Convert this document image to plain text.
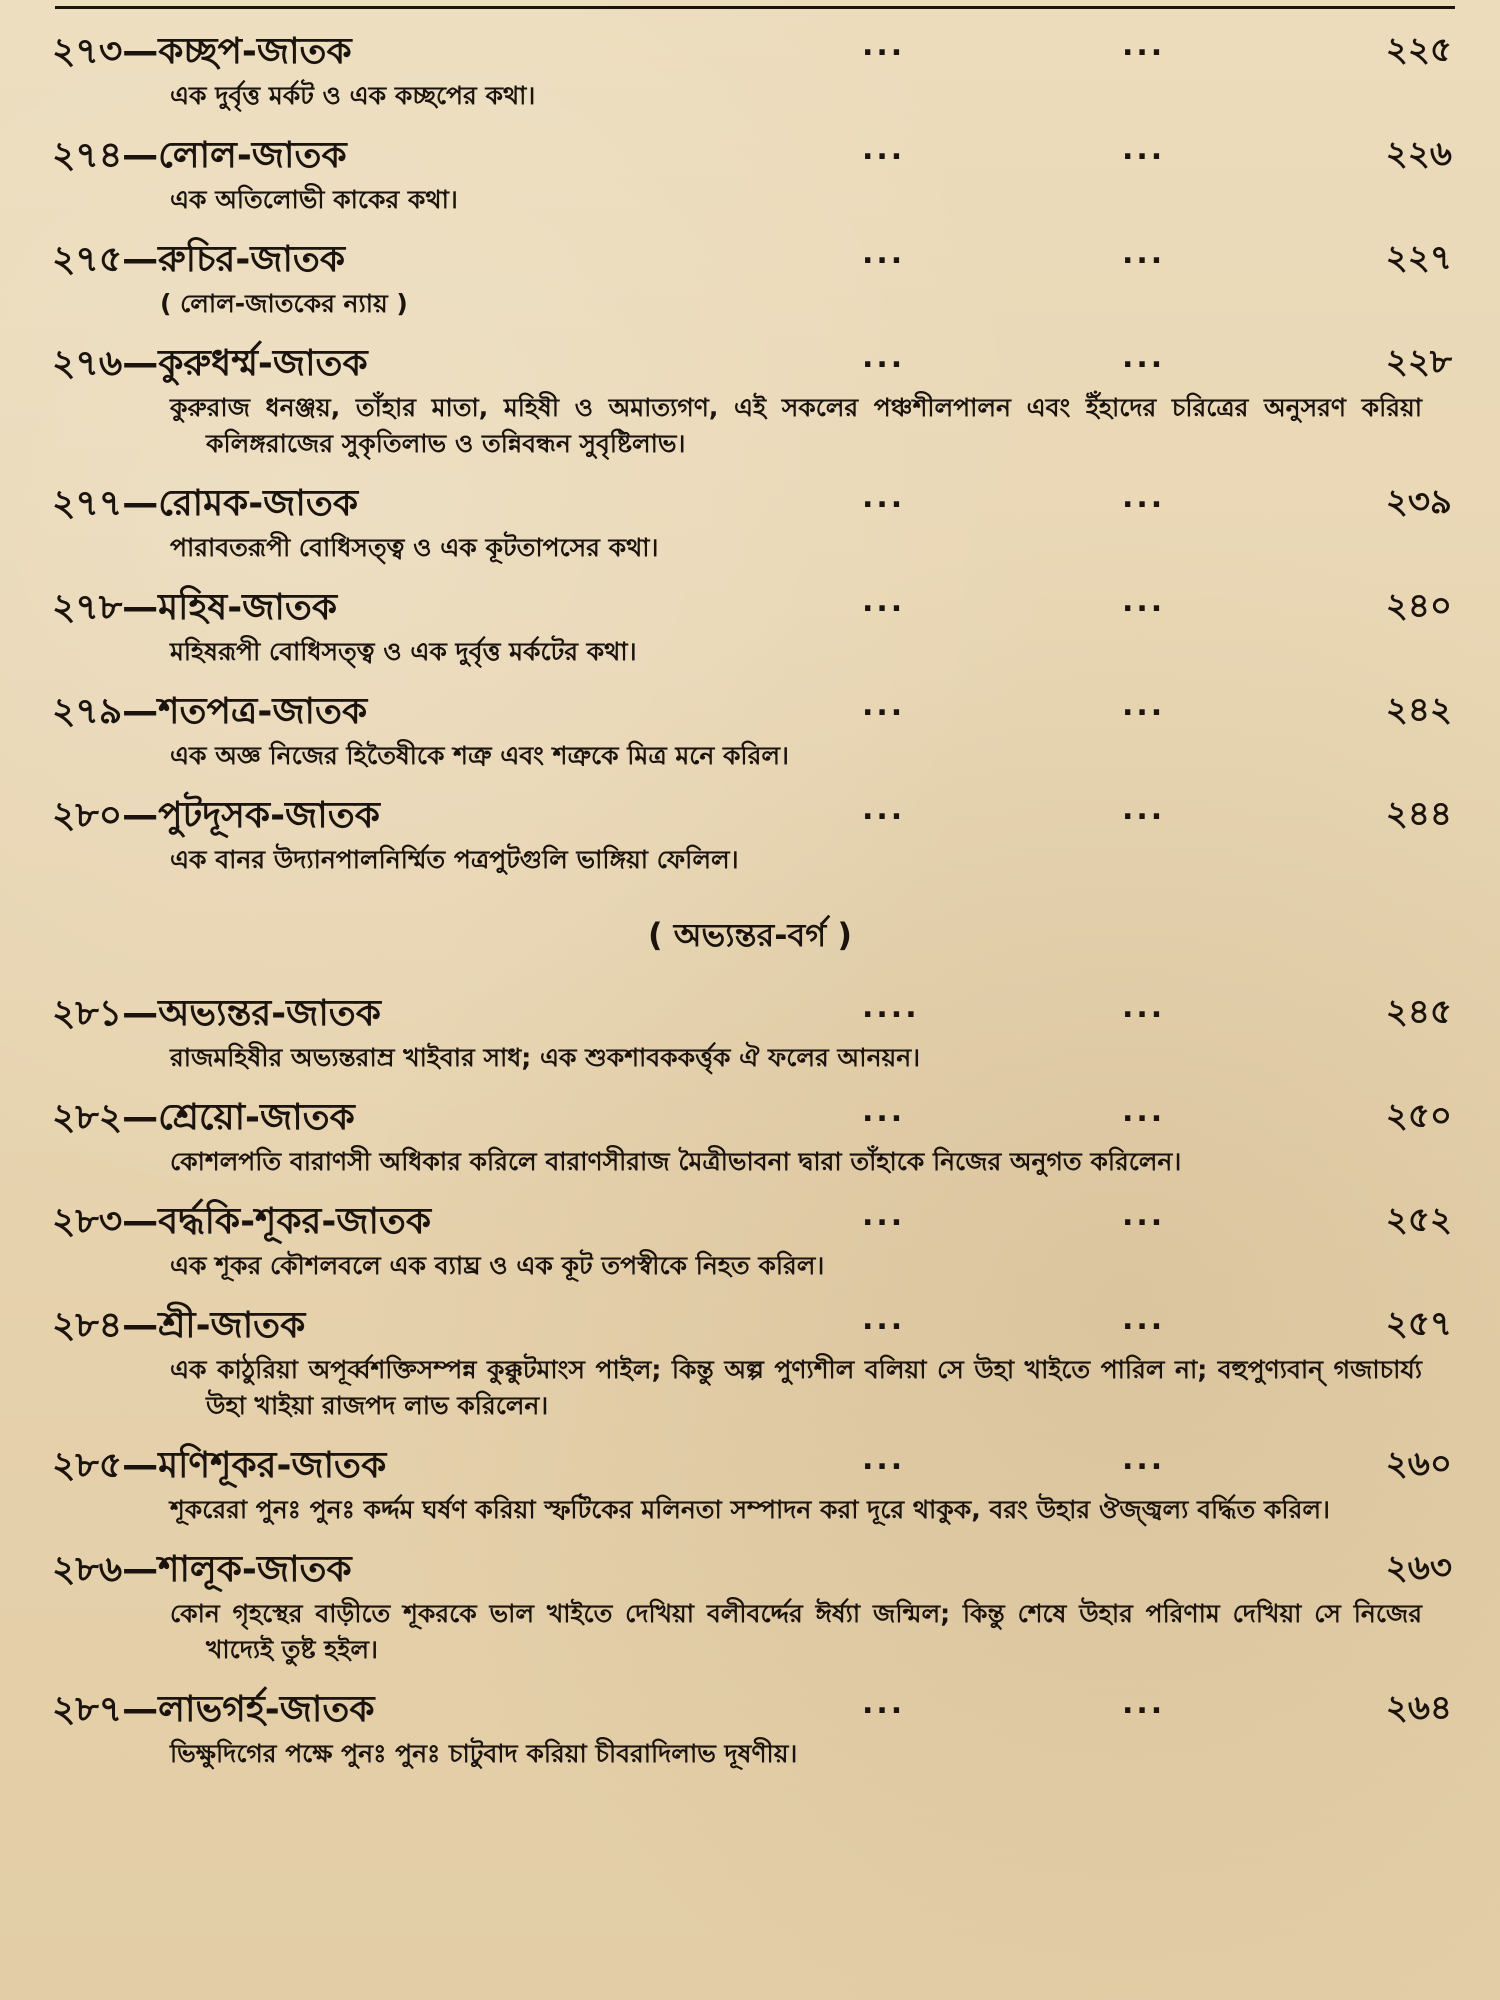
২৭৩—কচ্ছপ-জাতক	...	...	২২৫
এক দুর্বৃত্ত মর্কট ও এক কচ্ছপের কথা।
২৭৪—লোল-জাতক	...	...	২২৬
এক অতিলোভী কাকের কথা।
২৭৫—রুচির-জাতক	...	...	২২৭
( লোল-জাতকের ন্যায় )
২৭৬—কুরুধর্ম্ম-জাতক	...	...	২২৮
কুরুরাজ ধনঞ্জয়, তাঁহার মাতা, মহিষী ও অমাত্যগণ, এই সকলের পঞ্চশীলপালন এবং ইঁহাদের চরিত্রের অনুসরণ করিয়া কলিঙ্গরাজের সুকৃতিলাভ ও তন্নিবন্ধন সুবৃষ্টিলাভ।
২৭৭—রোমক-জাতক	...	...	২৩৯
পারাবতরূপী বোধিসত্ত্ব ও এক কূটতাপসের কথা।
২৭৮—মহিষ-জাতক	...	...	২৪০
মহিষরূপী বোধিসত্ত্ব ও এক দুর্বৃত্ত মর্কটের কথা।
২৭৯—শতপত্র-জাতক	...	...	২৪২
এক অজ্ঞ নিজের হিতৈষীকে শত্রু এবং শত্রুকে মিত্র মনে করিল।
২৮০—পুটদূসক-জাতক	...	...	২৪৪
এক বানর উদ্যানপালনির্ম্মিত পত্রপুটগুলি ভাঙ্গিয়া ফেলিল।
( অভ্যন্তর-বর্গ )
২৮১—অভ্যন্তর-জাতক	....	...	২৪৫
রাজমহিষীর অভ্যন্তরাম্র খাইবার সাধ; এক শুকশাবককর্ত্তৃক ঐ ফলের আনয়ন।
২৮২—শ্রেয়ো-জাতক	...	...	২৫০
কোশলপতি বারাণসী অধিকার করিলে বারাণসীরাজ মৈত্রীভাবনা দ্বারা তাঁহাকে নিজের অনুগত করিলেন।
২৮৩—বর্দ্ধকি-শূকর-জাতক	...	...	২৫২
এক শূকর কৌশলবলে এক ব্যাঘ্র ও এক কূট তপস্বীকে নিহত করিল।
২৮৪—শ্রী-জাতক	...	...	২৫৭
এক কাঠুরিয়া অপূর্ব্বশক্তিসম্পন্ন কুক্কুটমাংস পাইল; কিন্তু অল্প পুণ্যশীল বলিয়া সে উহা খাইতে পারিল না; বহুপুণ্যবান্ গজাচার্য্য উহা খাইয়া রাজপদ লাভ করিলেন।
২৮৫—মণিশূকর-জাতক	...	...	২৬০
শূকরেরা পুনঃ পুনঃ কর্দ্দম ঘর্ষণ করিয়া স্ফটিকের মলিনতা সম্পাদন করা দূরে থাকুক, বরং উহার ঔজ্জ্বল্য বর্দ্ধিত করিল।
২৮৬—শালূক-জাতক	২৬৩
কোন গৃহস্থের বাড়ীতে শূকরকে ভাল খাইতে দেখিয়া বলীবর্দ্দের ঈর্ষ্যা জন্মিল; কিন্তু শেষে উহার পরিণাম দেখিয়া সে নিজের খাদ্যেই তুষ্ট হইল।
২৮৭—লাভগর্হ-জাতক	...	...	২৬৪
ভিক্ষুদিগের পক্ষে পুনঃ পুনঃ চাটুবাদ করিয়া চীবরাদিলাভ দূষণীয়।
